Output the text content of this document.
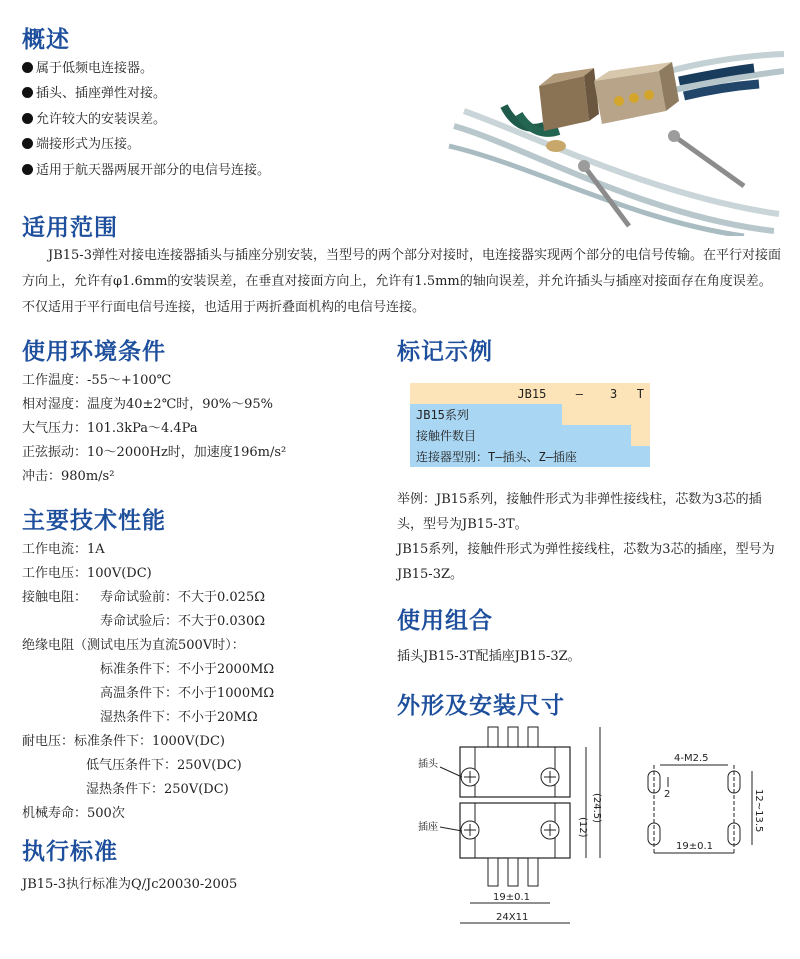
概述
属于低频电连接器。
插头、插座弹性对接。
允许较大的安装误差。
端接形式为压接。
适用于航天器两展开部分的电信号连接。
适用范围

JB15-3弹性对接电连接器插头与插座分别安装，当型号的两个部分对接时，电连接器实现两个部分的电信号传输。在平行对接面方向上，允许有φ1.6mm的安装误差，在垂直对接面方向上，允许有1.5mm的轴向误差，并允许插头与插座对接面存在角度误差。不仅适用于平行面电信号连接，也适用于两折叠面机构的电信号连接。

使用环境条件

工作温度：-55～+100℃

相对湿度：温度为40±2℃时，90%～95%

大气压力：101.3kPa～4.4Pa

正弦振动：10～2000Hz时，加速度196m/s²

冲击：980m/s²

主要技术性能

工作电流：1A

工作电压：100V(DC)

接触电阻： 寿命试验前：不大于0.025Ω

寿命试验后：不大于0.030Ω

绝缘电阻（测试电压为直流500V时）：

标准条件下：不小于2000MΩ

高温条件下：不小于1000MΩ

湿热条件下：不小于20MΩ

耐电压： 标准条件下：1000V(DC)

低气压条件下：250V(DC)

湿热条件下：250V(DC)

机械寿命：500次

执行标准

JB15-3执行标准为Q/Jc20030-2005

标记示例
	JB15	—	3	T
JB15系列				
接触件数目				
连接器型别：T—插头、Z—插座				

举例：JB15系列，接触件形式为非弹性接线柱，芯数为3芯的插头，型号为JB15-3T。

JB15系列，接触件形式为弹性接线柱，芯数为3芯的插座，型号为JB15-3Z。

使用组合

插头JB15-3T配插座JB15-3Z。

外形及安装尺寸
插头
插座	(12)
(24.5)
19±0.1
24X11
4-M2.5
2	12~13.5
19±0.1
